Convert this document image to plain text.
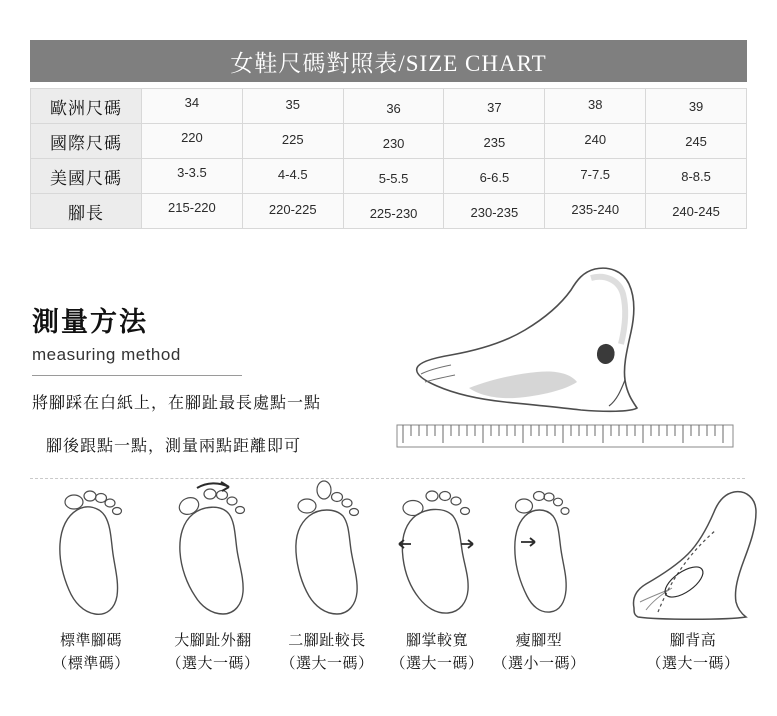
女鞋尺碼對照表/SIZE CHART
歐洲尺碼	34	35	36	37	38	39

國際尺碼	220	225	230	235	240	245

美國尺碼	3-3.5	4-4.5	5-5.5	6-6.5	7-7.5	8-8.5

腳長	215-220	220-225	225-230	230-235	235-240	240-245
測量方法
measuring method
將腳踩在白紙上，在腳趾最長處點一點
腳後跟點一點，測量兩點距離即可
標準腳碼
（標準碼）
大腳趾外翻
（選大一碼）
二腳趾較長
（選大一碼）
腳掌較寬
（選大一碼）
瘦腳型
（選小一碼）
腳背高
（選大一碼）
